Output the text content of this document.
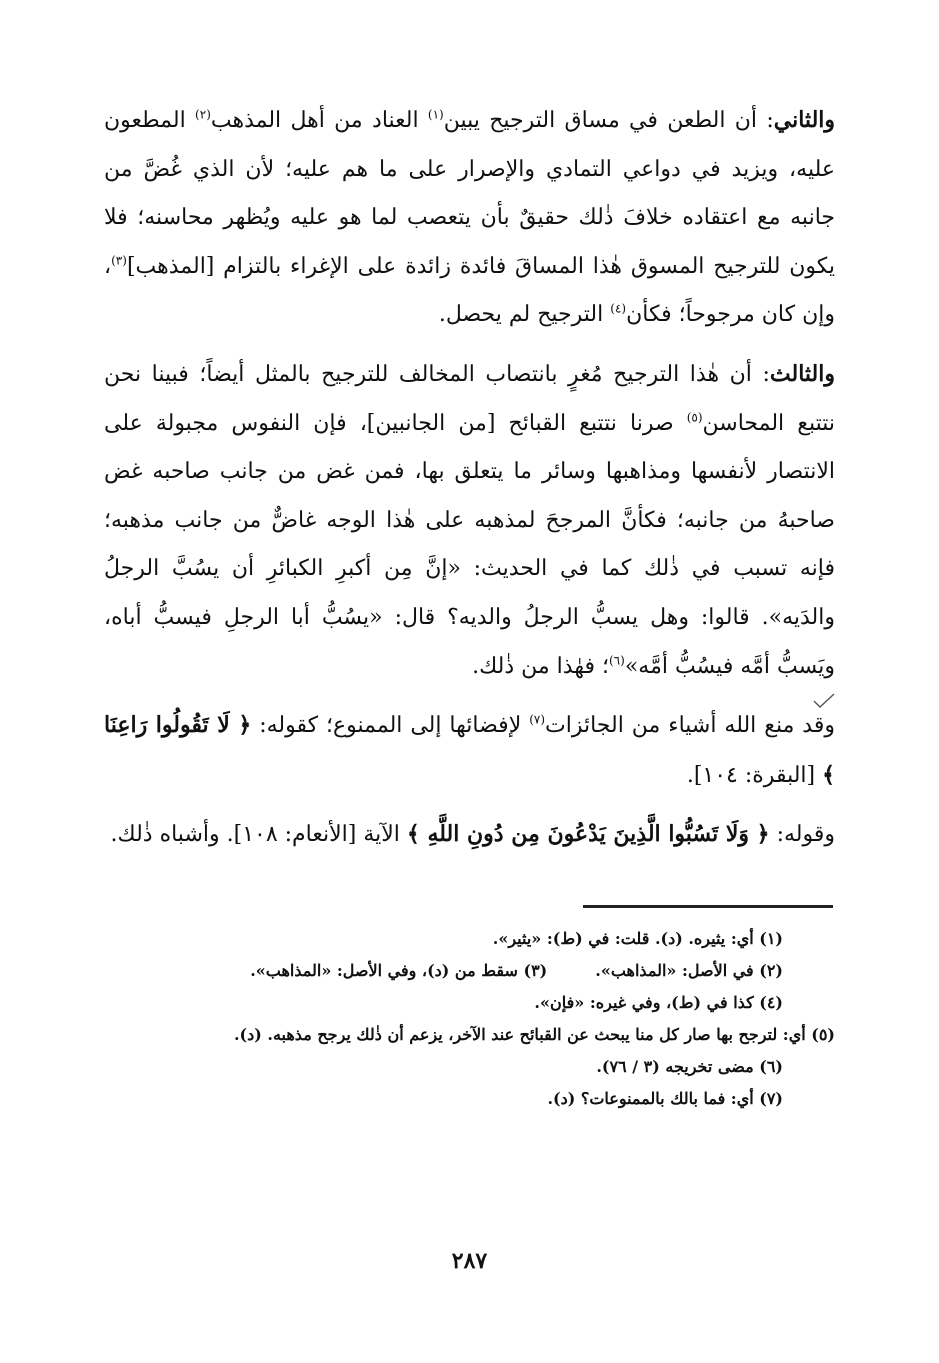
والثاني: أن الطعن في مساق الترجيح يبين$^{(١)}$ العناد من أهل المذهب$^{(٢)}$ المطعون عليه، ويزيد في دواعي التمادي والإصرار على ما هم عليه؛ لأن الذي غُضَّ من جانبه مع اعتقاده خلافَ ذٰلك حقيقٌ بأن يتعصب لما هو عليه ويُظهر محاسنه؛ فلا يكون للترجيح المسوق هٰذا المساقَ فائدة زائدة على الإغراء بالتزام [المذهب]$^{(٣)}$، وإن كان مرجوحاً؛ فكأن$^{(٤)}$ الترجيح لم يحصل.

والثالث: أن هٰذا الترجيح مُغرٍ بانتصاب المخالف للترجيح بالمثل أيضاً؛ فبينا نحن نتتبع المحاسن$^{(٥)}$ صرنا نتتبع القبائح [من الجانبين]، فإن النفوس مجبولة على الانتصار لأنفسها ومذاهبها وسائر ما يتعلق بها، فمن غض من جانب صاحبه غض صاحبهُ من جانبه؛ فكأنَّ المرجحَ لمذهبه على هٰذا الوجه غاضٌّ من جانب مذهبه؛ فإنه تسبب في ذٰلك كما في الحديث: «إنَّ مِن أكبرِ الكبائرِ أن يسُبَّ الرجلُ والدَيه». قالوا: وهل يسبُّ الرجلُ والديه؟ قال: «يسُبُّ أبا الرجلِ فيسبُّ أباه، ويَسبُّ أمَّه فيسُبُّ أمَّه»$^{(٦)}$؛ فهٰذا من ذٰلك.

وقد منع الله أشياء من الجائزات$^{(٧)}$ لإفضائها إلى الممنوع؛ كقوله: ﴿ لَا تَقُولُوا رَاعِنَا ﴾ [البقرة: ١٠٤].

وقوله: ﴿ وَلَا تَسُبُّوا الَّذِينَ يَدْعُونَ مِن دُونِ اللَّهِ ﴾ الآية [الأنعام: ١٠٨]. وأشباه ذٰلك.

(١) أي: يثيره. (د). قلت: في (ط): «يثير».

(٢) في الأصل: «المذاهب».(٣) سقط من (د)، وفي الأصل: «المذاهب».

(٤) كذا في (ط)، وفي غيره: «فإن».

(٥) أي: لترجح بها صار كل منا يبحث عن القبائح عند الآخر، يزعم أن ذٰلك يرجح مذهبه. (د).

(٦) مضى تخريجه (٣ / ٧٦).

(٧) أي: فما بالك بالممنوعات؟ (د).

٢٨٧
